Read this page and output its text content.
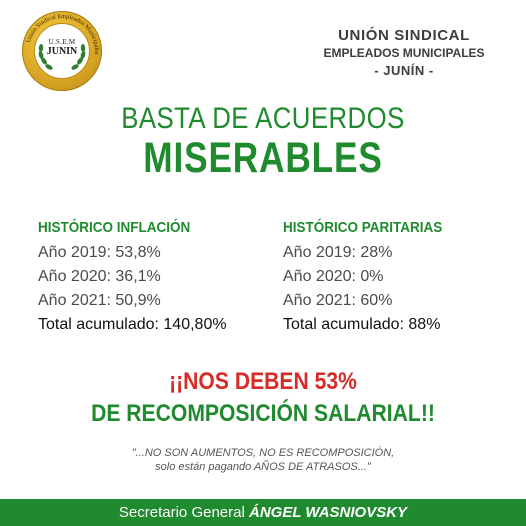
Unión Sindical Empleados Municipales
U.S.E.M
JUNIN
UNIÓN SINDICAL
EMPLEADOS MUNICIPALES
- JUNÍN -
BASTA DE ACUERDOS
MISERABLES
HISTÓRICO INFLACIÓN
Año 2019: 53,8%
Año 2020: 36,1%
Año 2021: 50,9%
Total acumulado: 140,80%
HISTÓRICO PARITARIAS
Año 2019: 28%
Año 2020: 0%
Año 2021: 60%
Total acumulado: 88%
¡¡NOS DEBEN 53%
DE RECOMPOSICIÓN SALARIAL!!
"...NO SON AUMENTOS, NO ES RECOMPOSICIÓN,
solo están pagando AÑOS DE ATRASOS..."
Secretario General ÁNGEL WASNIOVSKY
